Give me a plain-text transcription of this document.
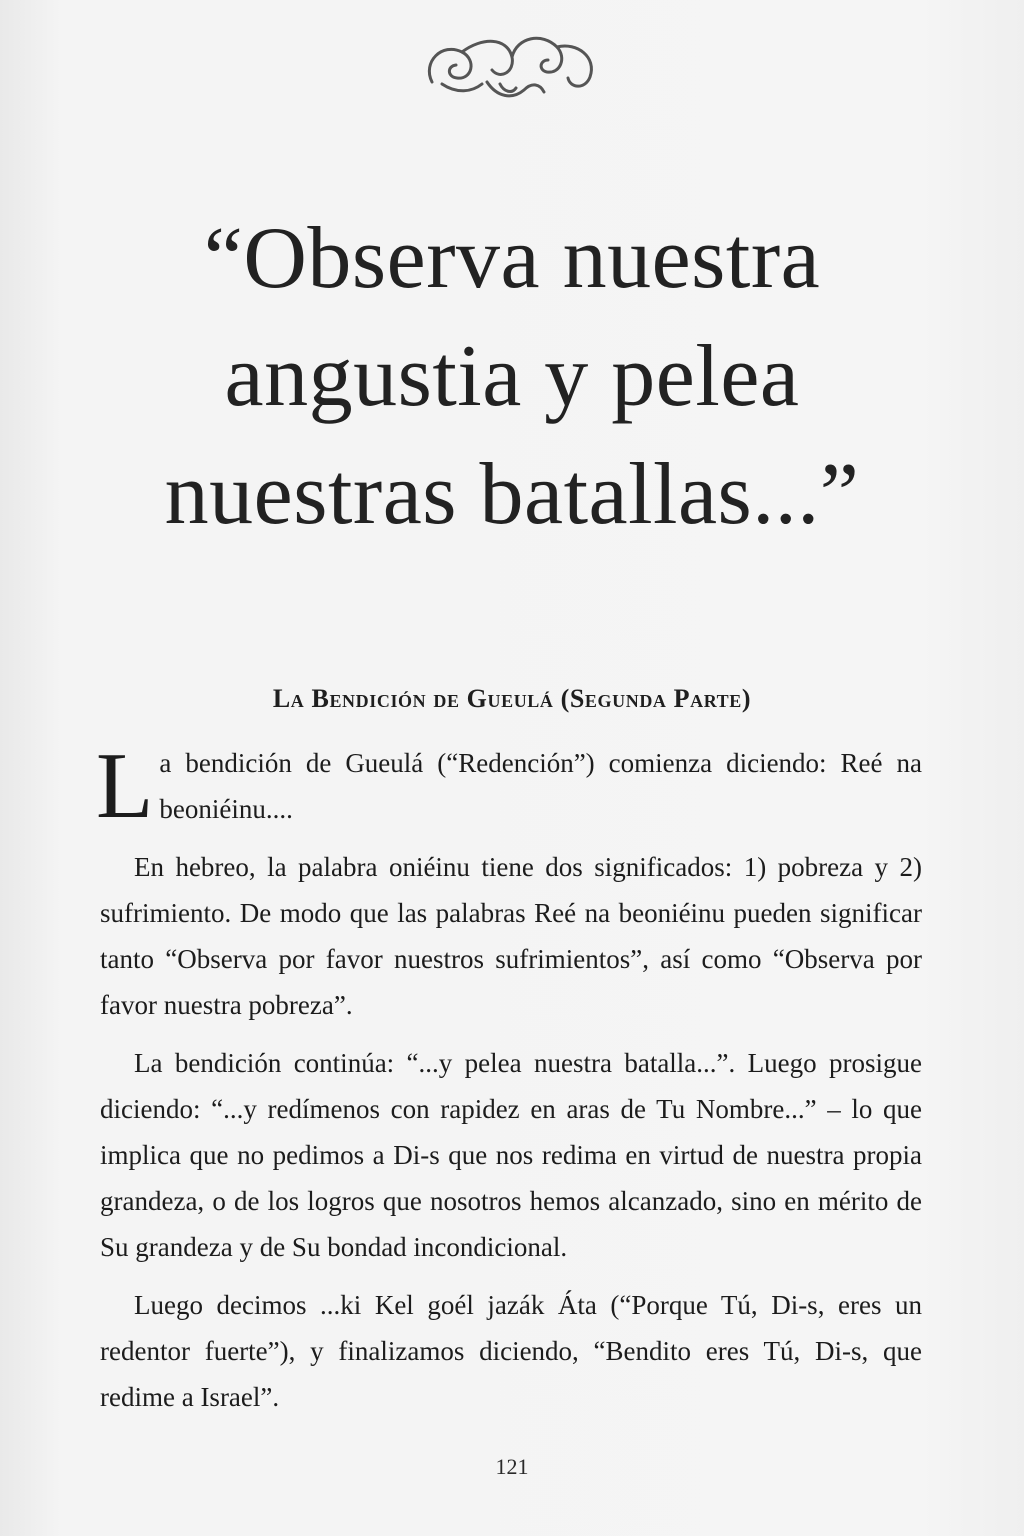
“Observa nuestra
angustia y pelea
nuestras batallas...”
La Bendición de Gueulá (Segunda Parte)

L a bendición de Gueulá (“Redención”) comienza diciendo: Reé na beoniéinu....

En hebreo, la palabra oniéinu tiene dos significados: 1) pobreza y 2) sufrimiento. De modo que las palabras Reé na beoniéinu pueden significar tanto “Observa por favor nuestros sufrimientos”, así como “Observa por favor nuestra pobreza”.

La bendición continúa: “...y pelea nuestra batalla...”. Luego prosigue diciendo: “...y redímenos con rapidez en aras de Tu Nombre...” – lo que implica que no pedimos a Di-s que nos redima en virtud de nuestra propia grandeza, o de los logros que nosotros hemos alcanzado, sino en mérito de Su grandeza y de Su bondad incondicional.

Luego decimos ...ki Kel goél jazák Áta (“Porque Tú, Di-s, eres un redentor fuerte”), y finalizamos diciendo, “Bendito eres Tú, Di-s, que redime a Israel”.

121
